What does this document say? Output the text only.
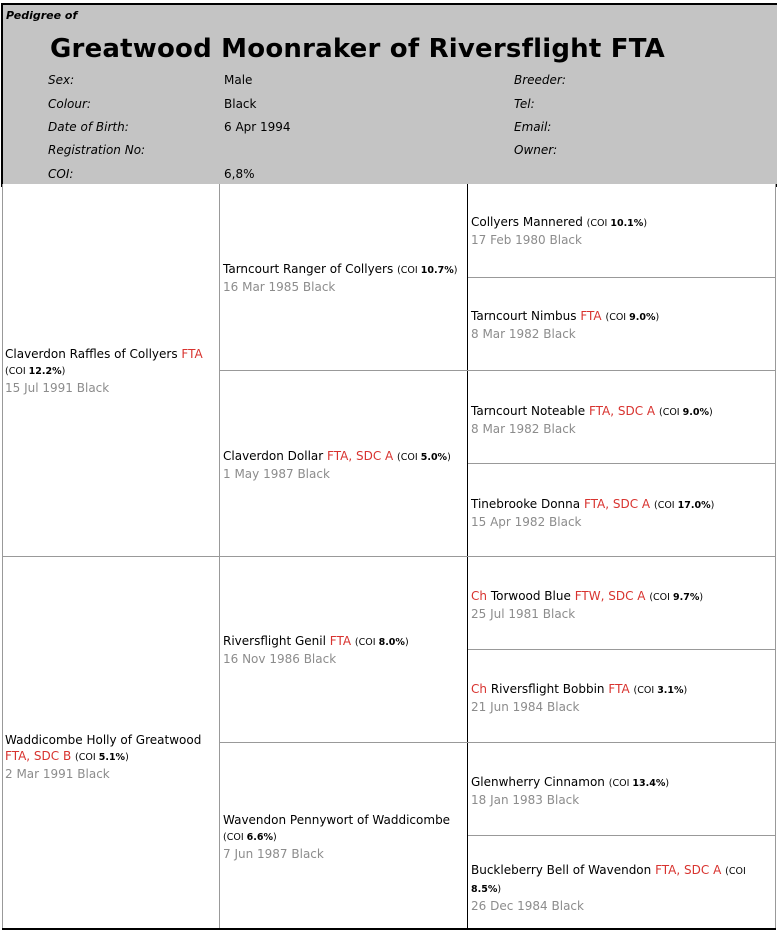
Pedigree of
Greatwood Moonraker of Riversflight FTA
Sex:	Male
Colour:	Black
Date of Birth:	6 Apr 1994
Registration No:
COI:	6,8%
Breeder:
Tel:
Email:
Owner:
Claverdon Raffles of Collyers FTA (COI 12.2%)
15 Jul 1991 Black
Waddicombe Holly of Greatwood FTA, SDC B (COI 5.1%)
2 Mar 1991 Black
Tarncourt Ranger of Collyers (COI 10.7%)
16 Mar 1985 Black
Claverdon Dollar FTA, SDC A (COI 5.0%)
1 May 1987 Black
Riversflight Genil FTA (COI 8.0%)
16 Nov 1986 Black
Wavendon Pennywort of Waddicombe (COI 6.6%)
7 Jun 1987 Black
Collyers Mannered (COI 10.1%)
17 Feb 1980 Black
Tarncourt Nimbus FTA (COI 9.0%)
8 Mar 1982 Black
Tarncourt Noteable FTA, SDC A (COI 9.0%)
8 Mar 1982 Black
Tinebrooke Donna FTA, SDC A (COI 17.0%)
15 Apr 1982 Black
Ch Torwood Blue FTW, SDC A (COI 9.7%)
25 Jul 1981 Black
Ch Riversflight Bobbin FTA (COI 3.1%)
21 Jun 1984 Black
Glenwherry Cinnamon (COI 13.4%)
18 Jan 1983 Black
Buckleberry Bell of Wavendon FTA, SDC A (COI 8.5%)
26 Dec 1984 Black
